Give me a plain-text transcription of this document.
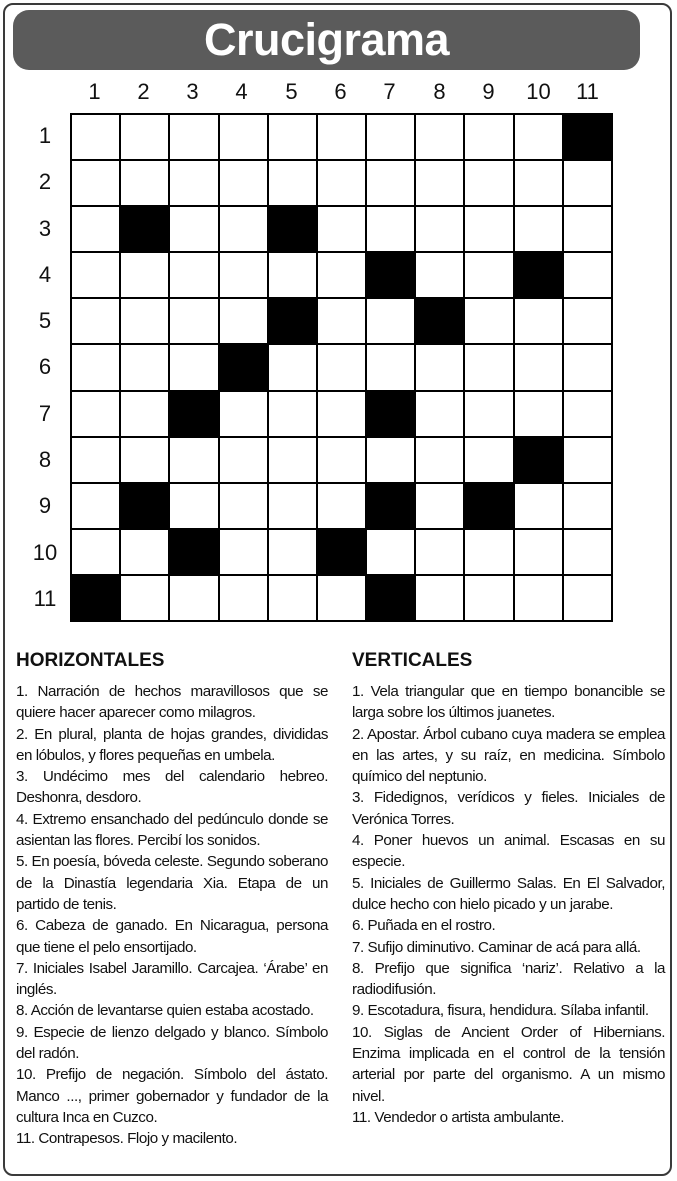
Crucigrama
1	2	3	4	5	6	7	8	9	10	11
1
2
3
4
5
6
7
8
9
10
11
HORIZONTALES

1. Narración de hechos maravillosos que se quiere hacer aparecer como milagros.

2. En plural, planta de hojas grandes, divididas en lóbulos, y flores pequeñas en umbela.

3. Undécimo mes del calendario hebreo. Deshonra, desdoro.

4. Extremo ensanchado del pedúnculo donde se asientan las flores. Percibí los sonidos.

5. En poesía, bóveda celeste. Segundo soberano de la Dinastía legendaria Xia. Etapa de un partido de tenis.

6. Cabeza de ganado. En Nicaragua, persona que tiene el pelo ensortijado.

7. Iniciales Isabel Jaramillo. Carcajea. ‘Árabe’ en inglés.

8. Acción de levantarse quien estaba acostado.

9. Especie de lienzo delgado y blanco. Símbolo del radón.

10. Prefijo de negación. Símbolo del ástato. Manco ..., primer gobernador y fundador de la cultura Inca en Cuzco.

11. Contrapesos. Flojo y macilento.

VERTICALES

1. Vela triangular que en tiempo bonancible se larga sobre los últimos juanetes.

2. Apostar. Árbol cubano cuya madera se emplea en las artes, y su raíz, en medicina. Símbolo químico del neptunio.

3. Fidedignos, verídicos y fieles. Iniciales de Verónica Torres.

4. Poner huevos un animal. Escasas en su especie.

5. Iniciales de Guillermo Salas. En El Salvador, dulce hecho con hielo picado y un jarabe.

6. Puñada en el rostro.

7. Sufijo diminutivo. Caminar de acá para allá.

8. Prefijo que significa ‘nariz’. Relativo a la radiodifusión.

9. Escotadura, fisura, hendidura. Sílaba infantil.

10. Siglas de Ancient Order of Hibernians. Enzima implicada en el control de la tensión arterial por parte del organismo. A un mismo nivel.

11. Vendedor o artista ambulante.
